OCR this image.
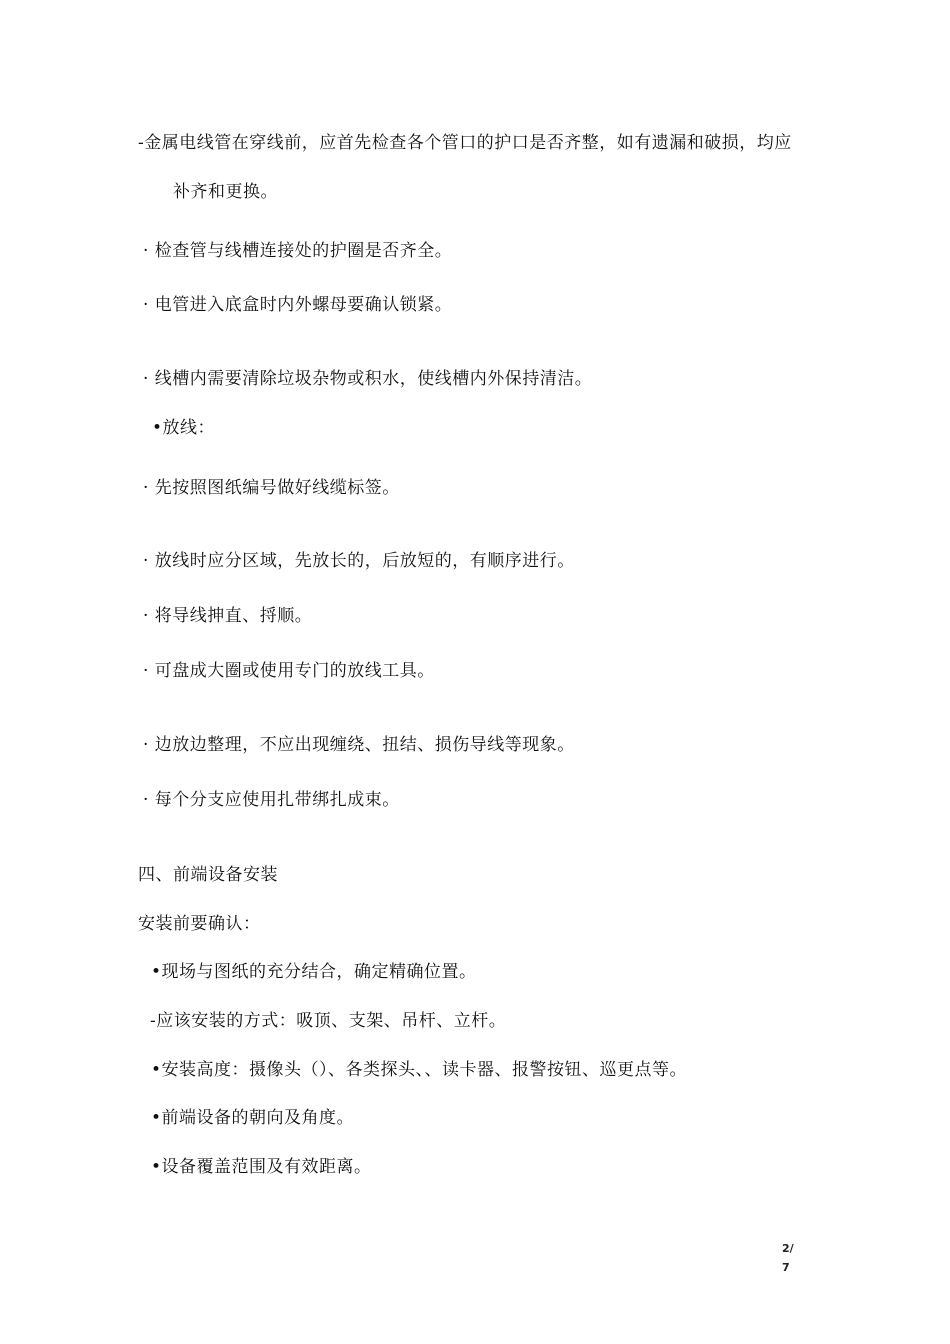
-金属电线管在穿线前，应首先检查各个管口的护口是否齐整，如有遗漏和破损，均应
补齐和更换。
· 检查管与线槽连接处的护圈是否齐全。
· 电管进入底盒时内外螺母要确认锁紧。
· 线槽内需要清除垃圾杂物或积水，使线槽内外保持清洁。
•放线：
· 先按照图纸编号做好线缆标签。
· 放线时应分区域，先放长的，后放短的，有顺序进行。
· 将导线抻直、捋顺。
· 可盘成大圈或使用专门的放线工具。
· 边放边整理，不应出现缠绕、扭结、损伤导线等现象。
· 每个分支应使用扎带绑扎成束。
四、前端设备安装
安装前要确认：
•现场与图纸的充分结合，确定精确位置。
-应该安装的方式：吸顶、支架、吊杆、立杆。
•安装高度：摄像头（）、各类探头、、读卡器、报警按钮、巡更点等。
•前端设备的朝向及角度。
•设备覆盖范围及有效距离。
2/
7
